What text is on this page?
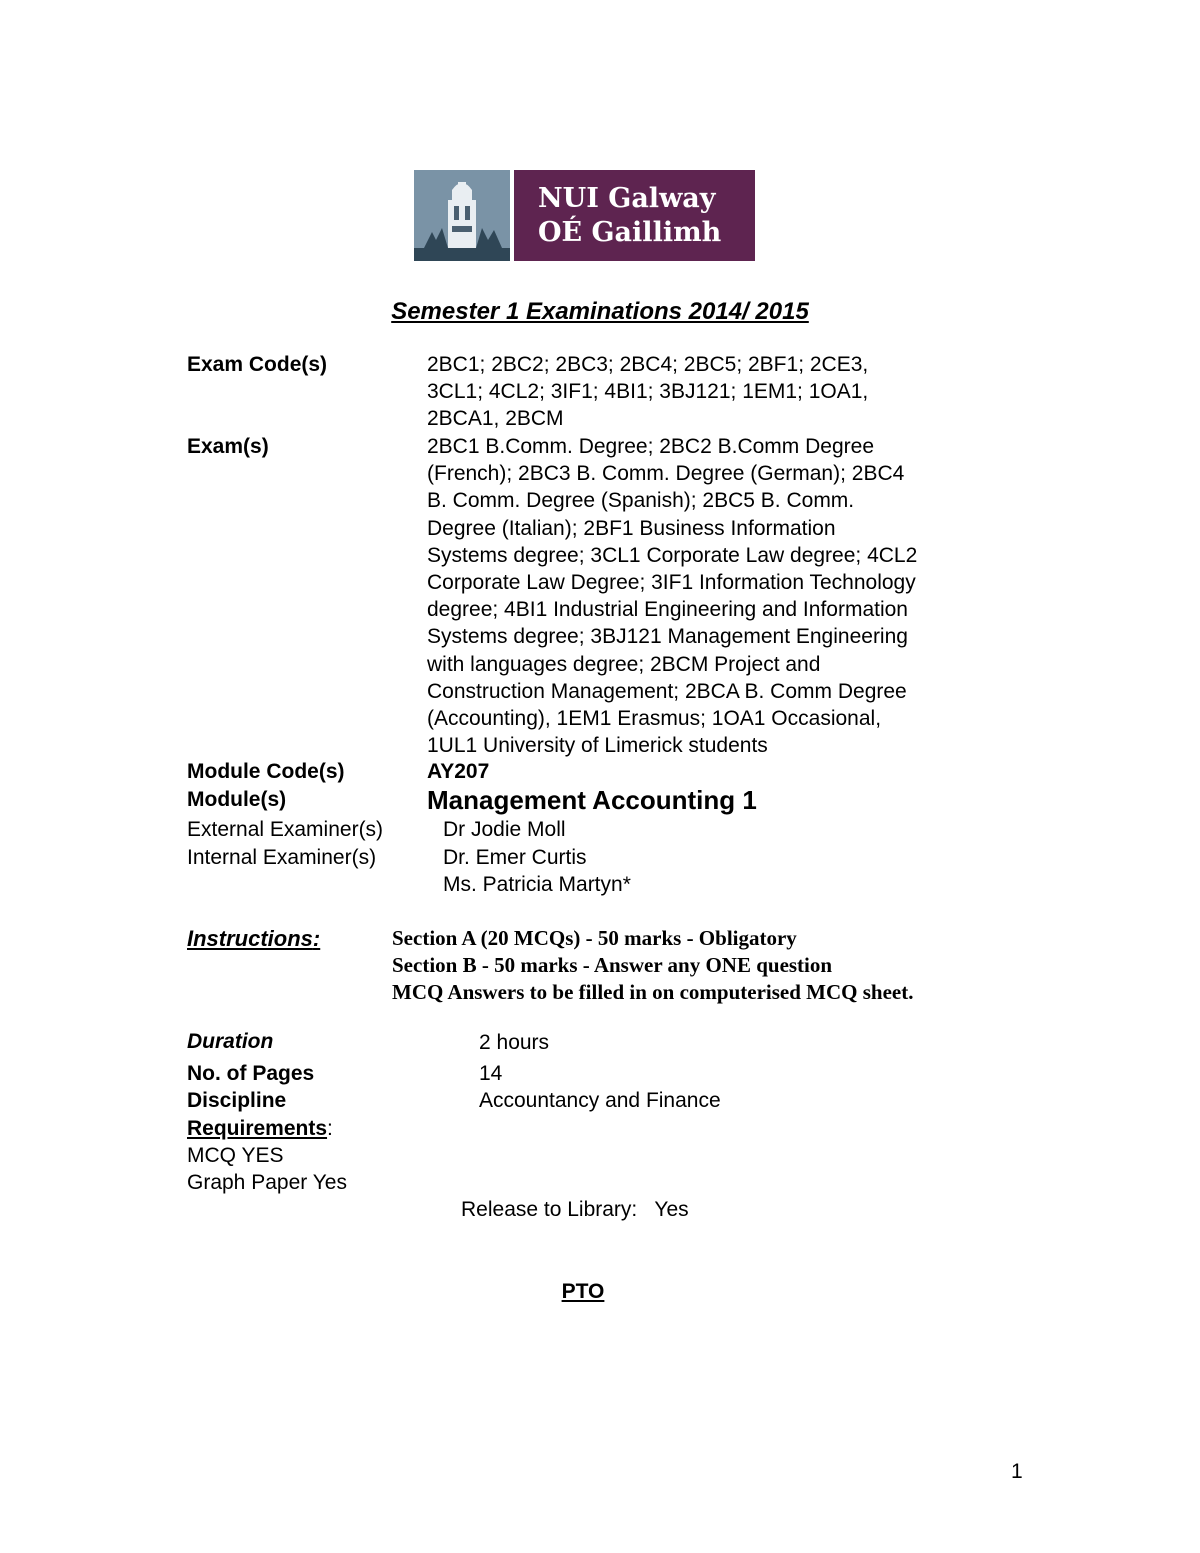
NUI Galway
OÉ Gaillimh
Semester 1 Examinations 2014/ 2015
Exam Code(s)	2BC1; 2BC2; 2BC3; 2BC4; 2BC5; 2BF1; 2CE3,
3CL1; 4CL2; 3IF1; 4BI1; 3BJ121; 1EM1; 1OA1,
2BCA1, 2BCM
Exam(s)	2BC1 B.Comm. Degree; 2BC2 B.Comm Degree
(French); 2BC3 B. Comm. Degree (German); 2BC4
B. Comm. Degree (Spanish); 2BC5 B. Comm.
Degree (Italian); 2BF1 Business Information
Systems degree; 3CL1 Corporate Law degree; 4CL2
Corporate Law Degree; 3IF1 Information Technology
degree; 4BI1 Industrial Engineering and Information
Systems degree; 3BJ121 Management Engineering
with languages degree; 2BCM Project and
Construction Management; 2BCA B. Comm Degree
(Accounting), 1EM1 Erasmus; 1OA1 Occasional,
1UL1 University of Limerick students
Module Code(s)	AY207
Module(s)	Management Accounting 1
External Examiner(s)	Dr Jodie Moll
Internal Examiner(s)	Dr. Emer Curtis
Ms. Patricia Martyn*
Instructions:	Section A (20 MCQs) - 50 marks - Obligatory
Section B - 50 marks - Answer any ONE question
MCQ Answers to be filled in on computerised MCQ sheet.
Duration	2 hours
No. of Pages	14
Discipline	Accountancy and Finance
Requirements:
MCQ YES
Graph Paper Yes
Release to Library:   Yes
PTO
1
